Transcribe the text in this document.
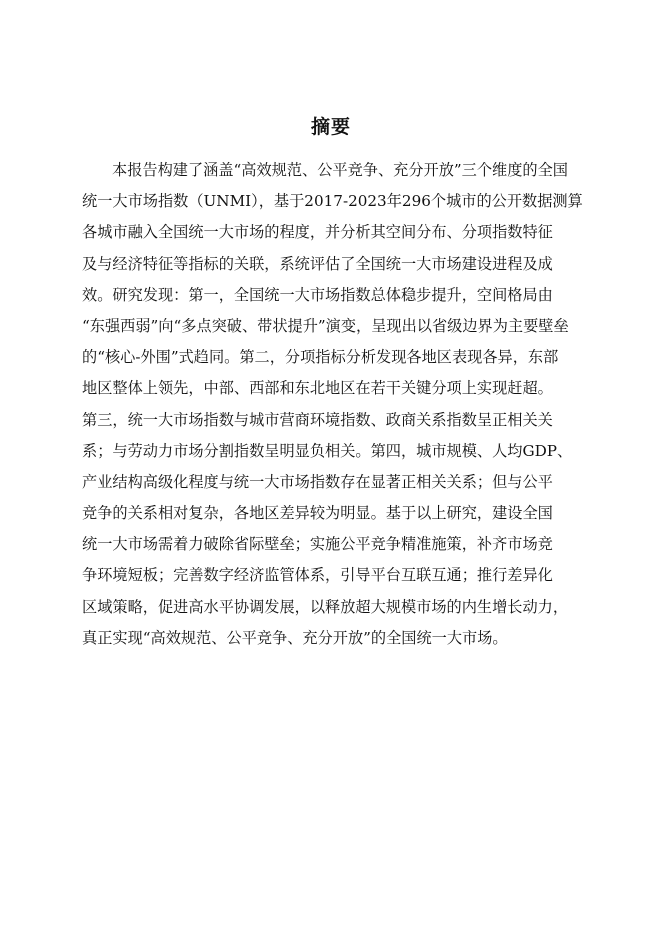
摘要
本报告构建了涵盖“高效规范、公平竞争、充分开放”三个维度的全国
统一大市场指数（UNMI），基于2017-2023年296个城市的公开数据测算
各城市融入全国统一大市场的程度，并分析其空间分布、分项指数特征
及与经济特征等指标的关联，系统评估了全国统一大市场建设进程及成
效。研究发现：第一，全国统一大市场指数总体稳步提升，空间格局由
“东强西弱”向“多点突破、带状提升”演变，呈现出以省级边界为主要壁垒
的“核心-外围”式趋同。第二，分项指标分析发现各地区表现各异，东部
地区整体上领先，中部、西部和东北地区在若干关键分项上实现赶超。
第三，统一大市场指数与城市营商环境指数、政商关系指数呈正相关关
系；与劳动力市场分割指数呈明显负相关。第四，城市规模、人均GDP、
产业结构高级化程度与统一大市场指数存在显著正相关关系；但与公平
竞争的关系相对复杂，各地区差异较为明显。基于以上研究，建设全国
统一大市场需着力破除省际壁垒；实施公平竞争精准施策，补齐市场竞
争环境短板；完善数字经济监管体系，引导平台互联互通；推行差异化
区域策略，促进高水平协调发展，以释放超大规模市场的内生增长动力，
真正实现“高效规范、公平竞争、充分开放”的全国统一大市场。
